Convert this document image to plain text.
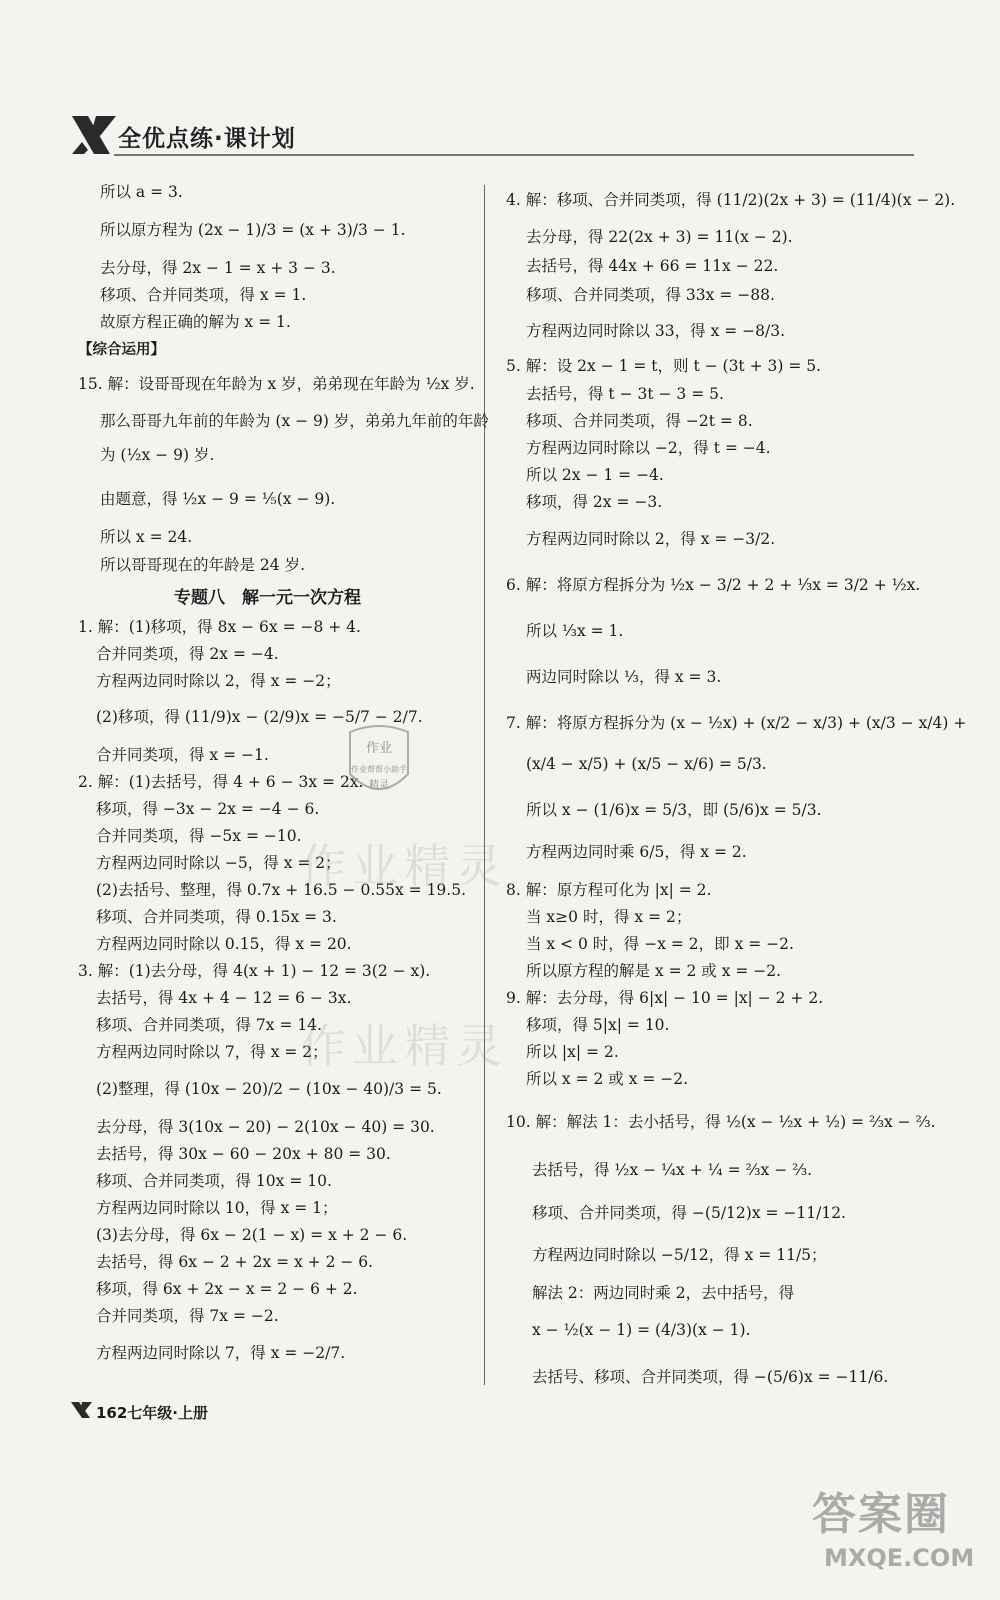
全优点练·课计划
所以 a = 3.
所以原方程为 (2x − 1)/3 = (x + 3)/3 − 1.
去分母，得 2x − 1 = x + 3 − 3.
移项、合并同类项，得 x = 1.
故原方程正确的解为 x = 1.
【综合运用】
15. 解：设哥哥现在年龄为 x 岁，弟弟现在年龄为 ½x 岁.
那么哥哥九年前的年龄为 (x − 9) 岁，弟弟九年前的年龄
为 (½x − 9) 岁.
由题意，得 ½x − 9 = ⅕(x − 9).
所以 x = 24.
所以哥哥现在的年龄是 24 岁.
专题八　解一元一次方程
1. 解：(1)移项，得 8x − 6x = −8 + 4.
合并同类项，得 2x = −4.
方程两边同时除以 2，得 x = −2；
(2)移项，得 (11/9)x − (2/9)x = −5/7 − 2/7.
合并同类项，得 x = −1.
2. 解：(1)去括号，得 4 + 6 − 3x = 2x.
移项，得 −3x − 2x = −4 − 6.
合并同类项，得 −5x = −10.
方程两边同时除以 −5，得 x = 2；
(2)去括号、整理，得 0.7x + 16.5 − 0.55x = 19.5.
移项、合并同类项，得 0.15x = 3.
方程两边同时除以 0.15，得 x = 20.
3. 解：(1)去分母，得 4(x + 1) − 12 = 3(2 − x).
去括号，得 4x + 4 − 12 = 6 − 3x.
移项、合并同类项，得 7x = 14.
方程两边同时除以 7，得 x = 2；
(2)整理，得 (10x − 20)/2 − (10x − 40)/3 = 5.
去分母，得 3(10x − 20) − 2(10x − 40) = 30.
去括号，得 30x − 60 − 20x + 80 = 30.
移项、合并同类项，得 10x = 10.
方程两边同时除以 10，得 x = 1；
(3)去分母，得 6x − 2(1 − x) = x + 2 − 6.
去括号，得 6x − 2 + 2x = x + 2 − 6.
移项，得 6x + 2x − x = 2 − 6 + 2.
合并同类项，得 7x = −2.
方程两边同时除以 7，得 x = −2/7.
4. 解：移项、合并同类项，得 (11/2)(2x + 3) = (11/4)(x − 2).
去分母，得 22(2x + 3) = 11(x − 2).
去括号，得 44x + 66 = 11x − 22.
移项、合并同类项，得 33x = −88.
方程两边同时除以 33，得 x = −8/3.
5. 解：设 2x − 1 = t，则 t − (3t + 3) = 5.
去括号，得 t − 3t − 3 = 5.
移项、合并同类项，得 −2t = 8.
方程两边同时除以 −2，得 t = −4.
所以 2x − 1 = −4.
移项，得 2x = −3.
方程两边同时除以 2，得 x = −3/2.
6. 解：将原方程拆分为 ½x − 3/2 + 2 + ⅓x = 3/2 + ½x.
所以 ⅓x = 1.
两边同时除以 ⅓，得 x = 3.
7. 解：将原方程拆分为 (x − ½x) + (x/2 − x/3) + (x/3 − x/4) +
(x/4 − x/5) + (x/5 − x/6) = 5/3.
所以 x − (1/6)x = 5/3，即 (5/6)x = 5/3.
方程两边同时乘 6/5，得 x = 2.
8. 解：原方程可化为 |x| = 2.
当 x≥0 时，得 x = 2；
当 x < 0 时，得 −x = 2，即 x = −2.
所以原方程的解是 x = 2 或 x = −2.
9. 解：去分母，得 6|x| − 10 = |x| − 2 + 2.
移项，得 5|x| = 10.
所以 |x| = 2.
所以 x = 2 或 x = −2.
10. 解：解法 1：去小括号，得 ½(x − ½x + ½) = ⅔x − ⅔.
去括号，得 ½x − ¼x + ¼ = ⅔x − ⅔.
移项、合并同类项，得 −(5/12)x = −11/12.
方程两边同时除以 −5/12，得 x = 11/5；
解法 2：两边同时乘 2，去中括号，得
x − ½(x − 1) = (4/3)(x − 1).
去括号、移项、合并同类项，得 −(5/6)x = −11/6.
作业
作业帮帮小助手
精灵
作业精灵
作业精灵
162七年级·上册
答案圈
MXQE.COM
